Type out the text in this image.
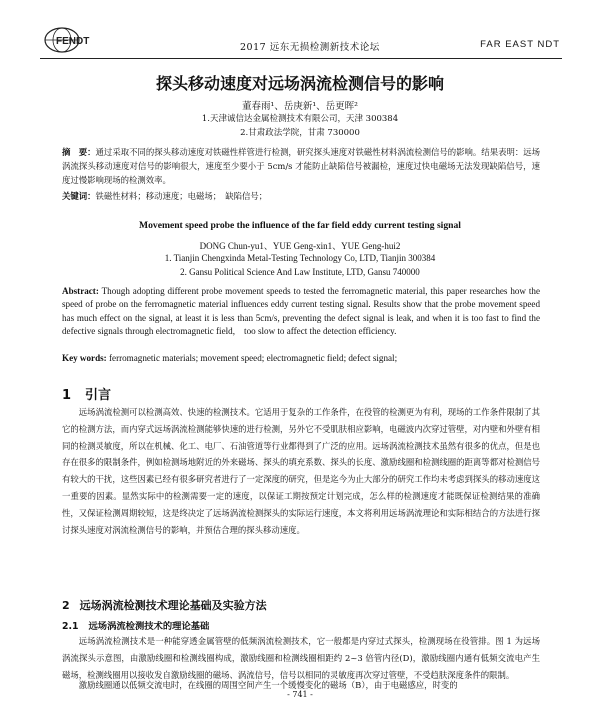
FENDT
2017 远东无损检测新技术论坛	FAR EAST NDT
探头移动速度对远场涡流检测信号的影响
董春雨¹、岳庚新¹、岳更晖²
1.天津诚信达金属检测技术有限公司，天津 300384
2.甘肃政法学院，甘肃 730000
摘　要：通过采取不同的探头移动速度对铁磁性样管进行检测，研究探头速度对铁磁性材料涡流检测信号的影响。结果表明：远场涡流探头移动速度对信号的影响很大，速度至少要小于 5cm/s 才能防止缺陷信号被漏检，速度过快电磁场无法发现缺陷信号，速度过慢影响现场的检测效率。
关键词：铁磁性材料；移动速度；电磁场；　缺陷信号；
Movement speed probe the influence of the far field eddy current testing signal
DONG Chun-yu1、YUE Geng-xin1、YUE Geng-hui2
1. Tianjin Chengxinda Metal-Testing Technology Co, LTD, Tianjin 300384
2. Gansu Political Science And Law Institute, LTD, Gansu 740000
Abstract: Though adopting different probe movement speeds to tested the ferromagnetic material, this paper researches how the speed of probe on the ferromagnetic material influences eddy current testing signal. Results show that the probe movement speed has much effect on the signal, at least it is less than 5cm/s, preventing the defect signal is leak, and when it is too fast to find the defective signals through electromagnetic field,　too slow to affect the detection efficiency.
Key words: ferromagnetic materials; movement speed; electromagnetic field; defect signal;
1 引言
远场涡流检测可以检测高效、快速的检测技术。它适用于复杂的工作条件，在役管的检测更为有利，现场的工作条件限制了其它的检测方法，而内穿式远场涡流检测能够快速的进行检测，另外它不受肌肤相应影响，电磁波内次穿过管壁，对内壁和外壁有相同的检测灵敏度，所以在机械、化工、电厂、石油管道等行业都得到了广泛的应用。远场涡流检测技术虽然有很多的优点，但是也存在很多的限制条件，例如检测场地附近的外来磁场、探头的填充系数、探头的长度、激励线圈和检测线圈的距离等都对检测信号有较大的干扰，这些因素已经有很多研究者进行了一定深度的研究，但是迄今为止大部分的研究工作均未考虑到探头的移动速度这一重要的因素。显然实际中的检测需要一定的速度，以保证工期按预定计划完成，怎么样的检测速度才能既保证检测结果的准确性，又保证检测周期较短，这是终决定了远场涡流检测探头的实际运行速度，本文将利用远场涡流理论和实际相结合的方法进行探讨探头速度对涡流检测信号的影响，并预估合理的探头移动速度。
2 远场涡流检测技术理论基础及实验方法
2.1 远场涡流检测技术的理论基础
远场涡流检测技术是一种能穿透金属管壁的低频涡流检测技术，它一般都是内穿过式探头，检测现场在役管排。图 1 为远场涡流探头示意图，由激励线圈和检测线圈构成，激励线圈和检测线圈相距约 2~3 倍管内径(D)，激励线圈内通有低频交流电产生磁场，检测线圈用以接收发自激励线圈的磁场、涡流信号，信号以相同的灵敏度再次穿过管壁，不受趋肤深度条件的限制。
激励线圈通以低频交流电时，在线圈的周围空间产生一个缓慢变化的磁场（B），由于电磁感应，时变的
- 741 -
